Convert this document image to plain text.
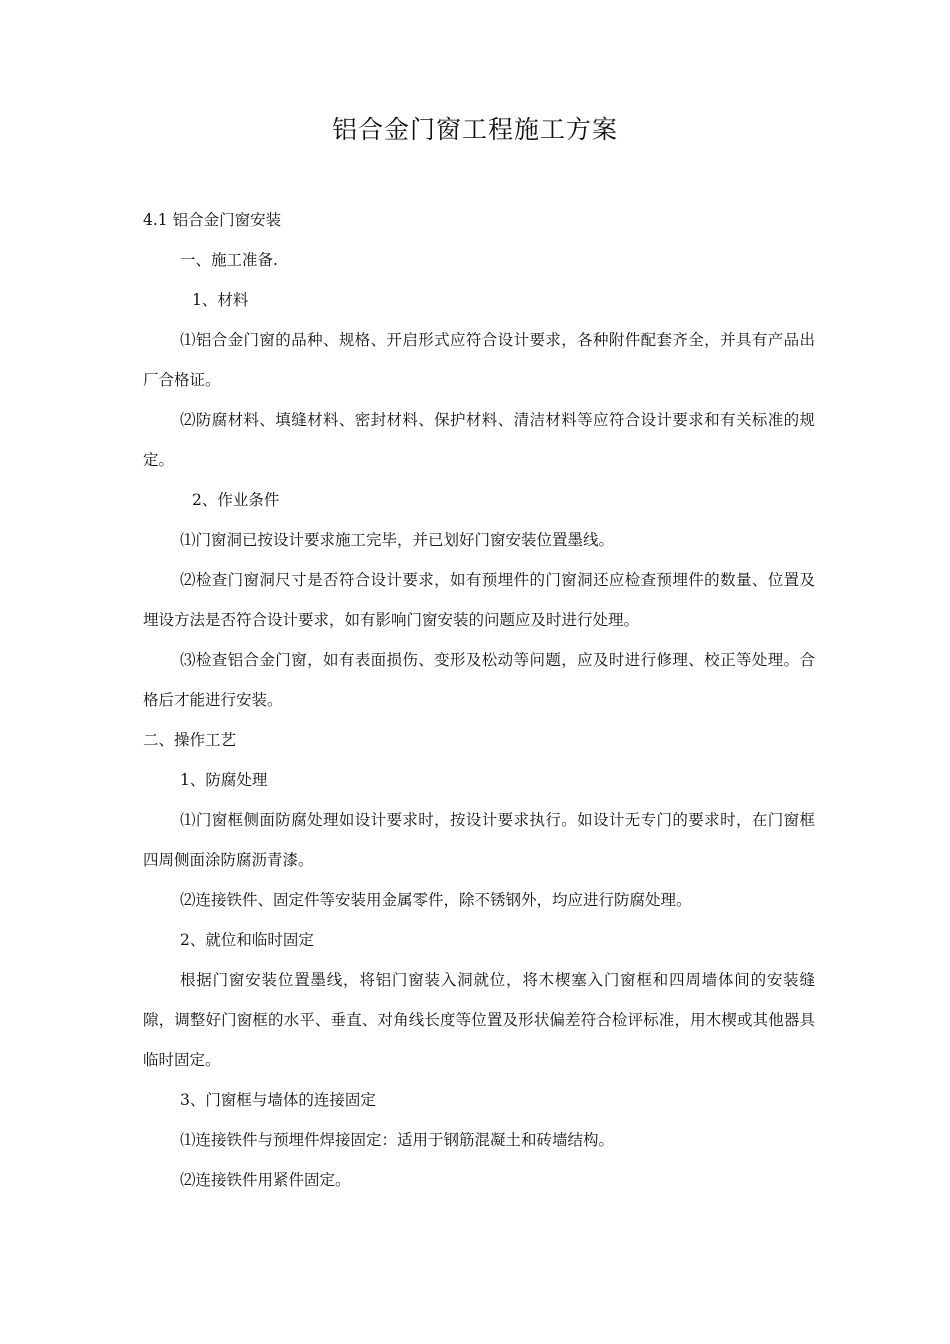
铝合金门窗工程施工方案
4.1 铝合金门窗安装
一、施工准备.
1、材料
⑴铝合金门窗的品种、规格、开启形式应符合设计要求，各种附件配套齐全，并具有产品出厂合格证。
⑵防腐材料、填缝材料、密封材料、保护材料、清洁材料等应符合设计要求和有关标准的规定。
2、作业条件
⑴门窗洞已按设计要求施工完毕，并已划好门窗安装位置墨线。
⑵检查门窗洞尺寸是否符合设计要求，如有预埋件的门窗洞还应检查预埋件的数量、位置及埋设方法是否符合设计要求，如有影响门窗安装的问题应及时进行处理。
⑶检查铝合金门窗，如有表面损伤、变形及松动等问题，应及时进行修理、校正等处理。合格后才能进行安装。
二、操作工艺
1、防腐处理
⑴门窗框侧面防腐处理如设计要求时，按设计要求执行。如设计无专门的要求时，在门窗框四周侧面涂防腐沥青漆。
⑵连接铁件、固定件等安装用金属零件，除不锈钢外，均应进行防腐处理。
2、就位和临时固定
根据门窗安装位置墨线，将铝门窗装入洞就位，将木楔塞入门窗框和四周墙体间的安装缝隙，调整好门窗框的水平、垂直、对角线长度等位置及形状偏差符合检评标准，用木楔或其他器具临时固定。
3、门窗框与墙体的连接固定
⑴连接铁件与预埋件焊接固定：适用于钢筋混凝土和砖墙结构。
⑵连接铁件用紧件固定。
